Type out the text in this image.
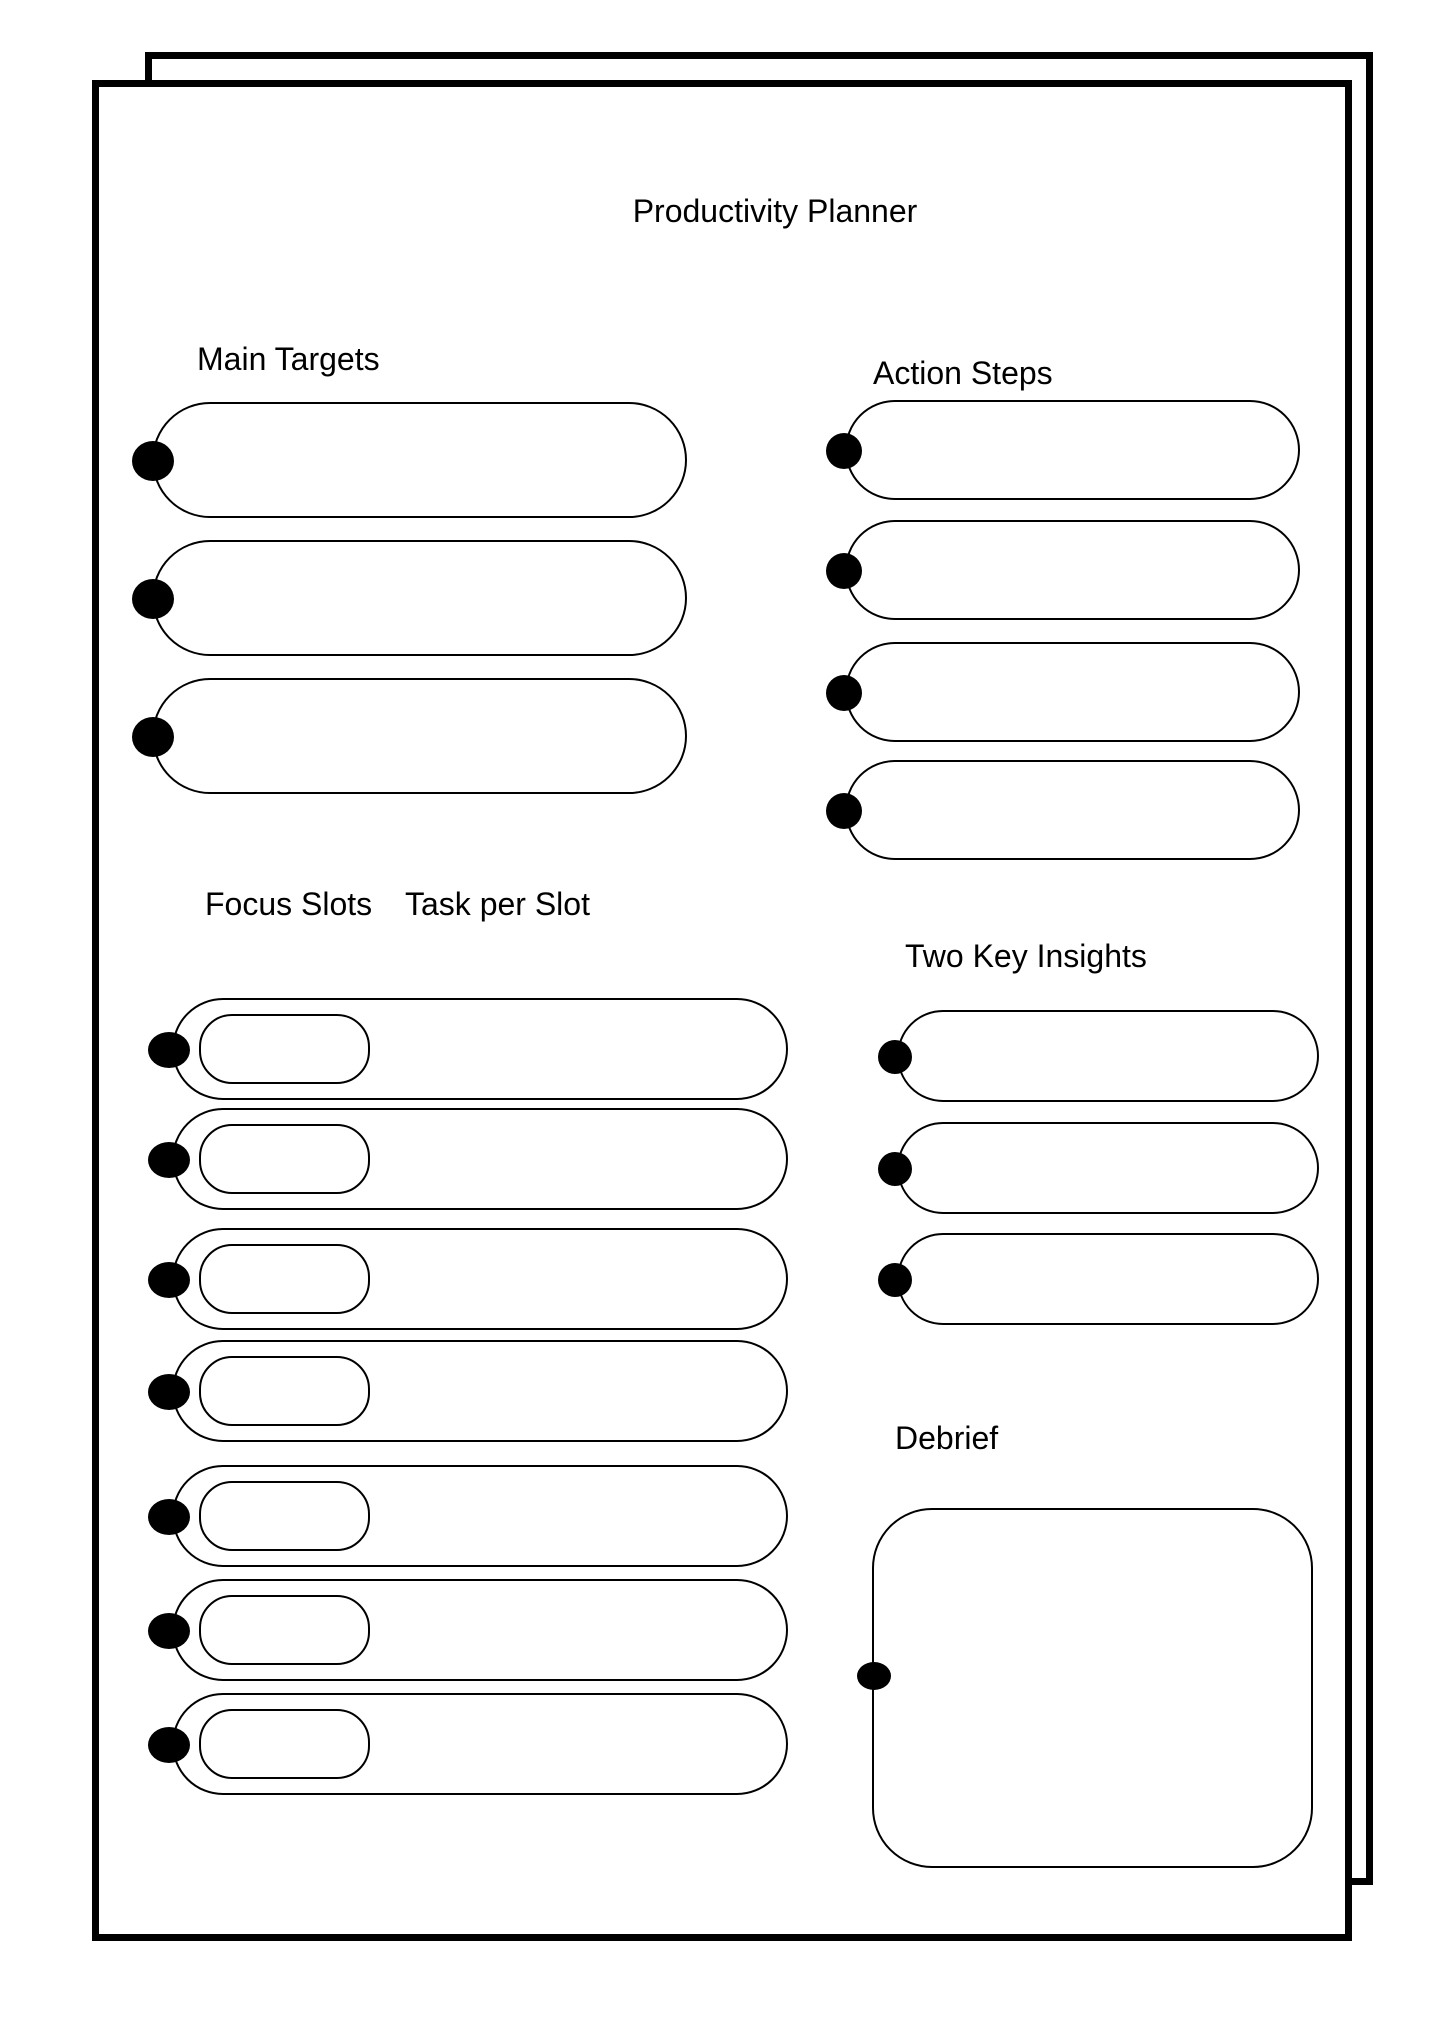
Productivity Planner
Main Targets	Action Steps
Focus Slots Task per Slot
Two Key Insights
Debrief
